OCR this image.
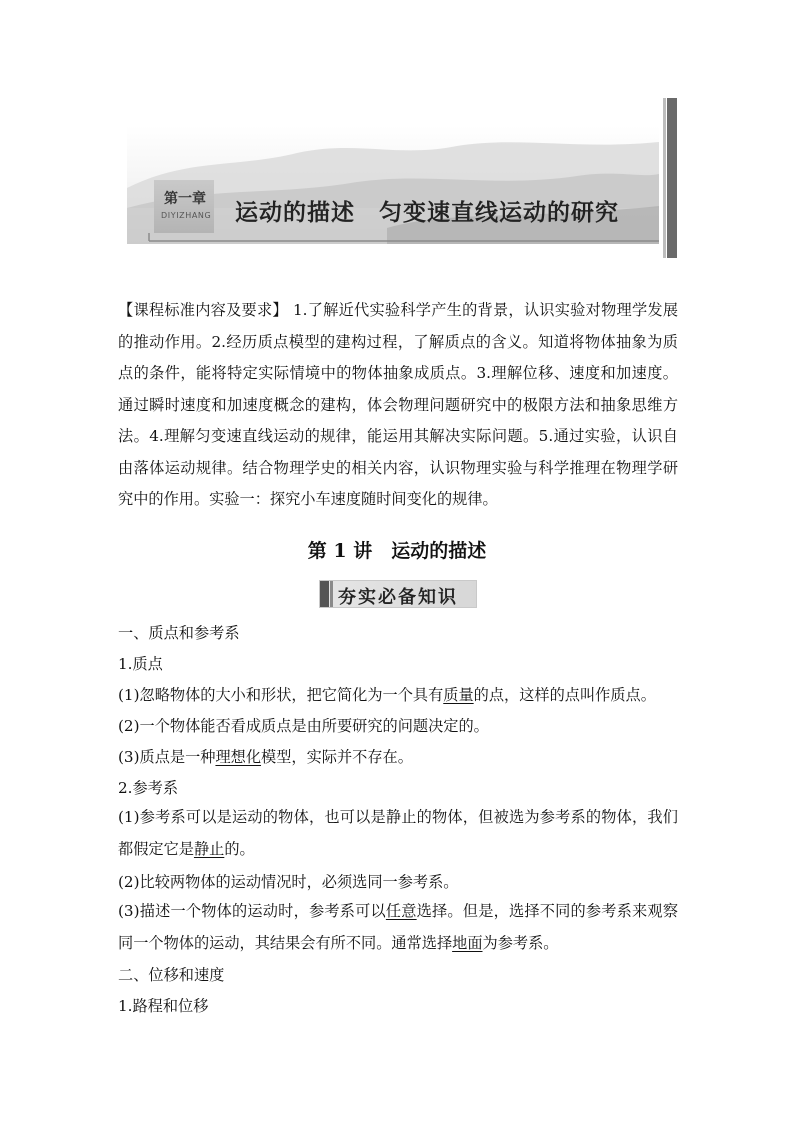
第一章
DIYIZHANG 运动的描述　匀变速直线运动的研究
【课程标准内容及要求】 1.了解近代实验科学产生的背景，认识实验对物理学发展的推动作用。2.经历质点模型的建构过程，了解质点的含义。知道将物体抽象为质点的条件，能将特定实际情境中的物体抽象成质点。3.理解位移、速度和加速度。通过瞬时速度和加速度概念的建构，体会物理问题研究中的极限方法和抽象思维方法。4.理解匀变速直线运动的规律，能运用其解决实际问题。5.通过实验，认识自由落体运动规律。结合物理学史的相关内容，认识物理实验与科学推理在物理学研究中的作用。实验一：探究小车速度随时间变化的规律。
第 1 讲　运动的描述
夯实必备知识
一、质点和参考系
1.质点
(1)忽略物体的大小和形状，把它简化为一个具有质量的点，这样的点叫作质点。
(2)一个物体能否看成质点是由所要研究的问题决定的。
(3)质点是一种理想化模型，实际并不存在。
2.参考系
(1)参考系可以是运动的物体，也可以是静止的物体，但被选为参考系的物体，我们都假定它是静止的。
(2)比较两物体的运动情况时，必须选同一参考系。
(3)描述一个物体的运动时，参考系可以任意选择。但是，选择不同的参考系来观察同一个物体的运动，其结果会有所不同。通常选择地面为参考系。
二、位移和速度
1.路程和位移
